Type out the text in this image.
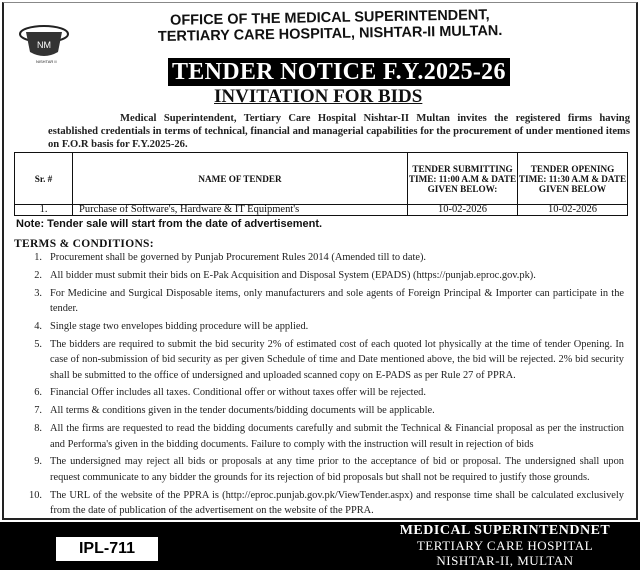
NM
NISHTAR II
OFFICE OF THE MEDICAL SUPERINTENDENT,
TERTIARY CARE HOSPITAL, NISHTAR-II MULTAN.
TENDER NOTICE F.Y.2025-26
INVITATION FOR BIDS
Medical Superintendent, Tertiary Care Hospital Nishtar-II Multan invites the registered firms having established credentials in terms of technical, financial and managerial capabilities for the procurement of under mentioned items on F.O.R basis for F.Y.2025-26.
Sr. #	NAME OF TENDER	TENDER SUBMITTING TIME: 11:00 A.M & DATE GIVEN BELOW:	TENDER OPENING TIME: 11:30 A.M & DATE GIVEN BELOW
1.	Purchase of Software's, Hardware & IT Equipment's	10-02-2026	10-02-2026
Note: Tender sale will start from the date of advertisement.
TERMS & CONDITIONS:
1. Procurement shall be governed by Punjab Procurement Rules 2014 (Amended till to date).
2. All bidder must submit their bids on E-Pak Acquisition and Disposal System (EPADS) (https://punjab.eproc.gov.pk).
3. For Medicine and Surgical Disposable items, only manufacturers and sole agents of Foreign Principal & Importer can participate in the tender.
4. Single stage two envelopes bidding procedure will be applied.
5. The bidders are required to submit the bid security 2% of estimated cost of each quoted lot physically at the time of tender Opening. In case of non-submission of bid security as per given Schedule of time and Date mentioned above, the bid will be rejected. 2% bid security shall be submitted to the office of undersigned and uploaded scanned copy on E-PADS as per Rule 27 of PPRA.
6. Financial Offer includes all taxes. Conditional offer or without taxes offer will be rejected.
7. All terms & conditions given in the tender documents/bidding documents will be applicable.
8. All the firms are requested to read the bidding documents carefully and submit the Technical & Financial proposal as per the instruction and Performa's given in the bidding documents. Failure to comply with the instruction will result in rejection of bids
9. The undersigned may reject all bids or proposals at any time prior to the acceptance of bid or proposal. The undersigned shall upon request communicate to any bidder the grounds for its rejection of bid proposals but shall not be required to justify those grounds.
10. The URL of the website of the PPRA is (http://eproc.punjab.gov.pk/ViewTender.aspx) and response time shall be calculated exclusively from the date of publication of the advertisement on the website of the PPRA.
IPL-711
MEDICAL SUPERINTENDNET
TERTIARY CARE HOSPITAL
NISHTAR-II, MULTAN
